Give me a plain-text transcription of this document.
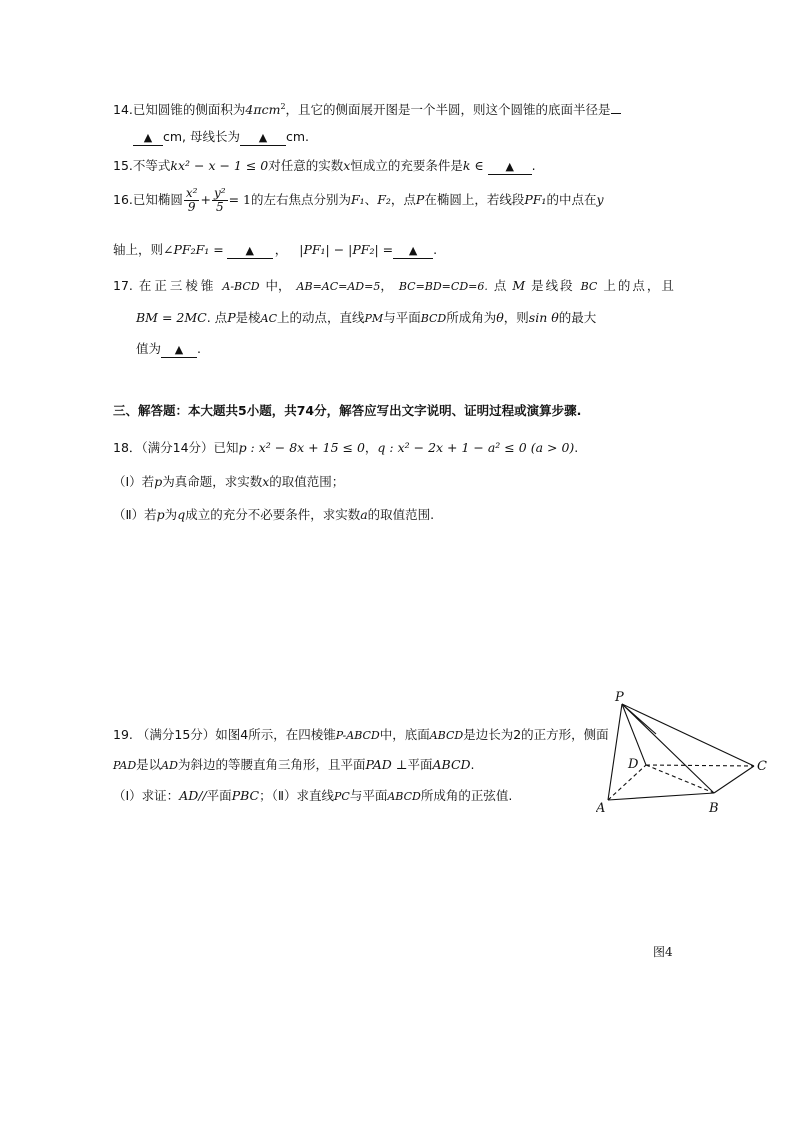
14.已知圆锥的侧面积为4πcm$^2$，且它的侧面展开图是一个半圆，则这个圆锥的底面半径是
▲ cm, 母线长为 ▲ cm.
15.不等式kx² − x − 1 ≤ 0对任意的实数x恒成立的充要条件是k ∈ ▲ .
16.已知椭圆 $\frac{\text{x²}}{9} + \frac{\text{y²}}{5} = 1$的左右焦点分别为F₁、F₂，点P在椭圆上，若线段PF₁的中点在y
轴上，则∠PF₂F₁ = ▲ ， |PF₁| − |PF₂| = ▲ .
17. 在正三棱锥 A-BCD 中， AB=AC=AD=5， BC=BD=CD=6. 点 M 是线段 BC 上的点，且
BM = 2MC. 点P是棱AC上的动点，直线PM与平面BCD所成角为θ，则sin θ的最大
值为 ▲ .
三、解答题：本大题共5小题，共74分，解答应写出文字说明、证明过程或演算步骤.
18．（满分14分）已知p : x² − 8x + 15 ≤ 0，q : x² − 2x + 1 − a² ≤ 0 (a > 0).
（Ⅰ）若p为真命题，求实数x的取值范围；
（Ⅱ）若p为q成立的充分不必要条件，求实数a的取值范围.
19. （满分15分）如图4所示，在四棱锥P-ABCD中，底面ABCD是边长为2的正方形，侧面
PAD是以AD为斜边的等腰直角三角形，且平面PAD ⊥平面ABCD.
（Ⅰ）求证：AD//平面PBC；（Ⅱ）求直线PC与平面ABCD所成角的正弦值.
P
D	C
A	B
图4
